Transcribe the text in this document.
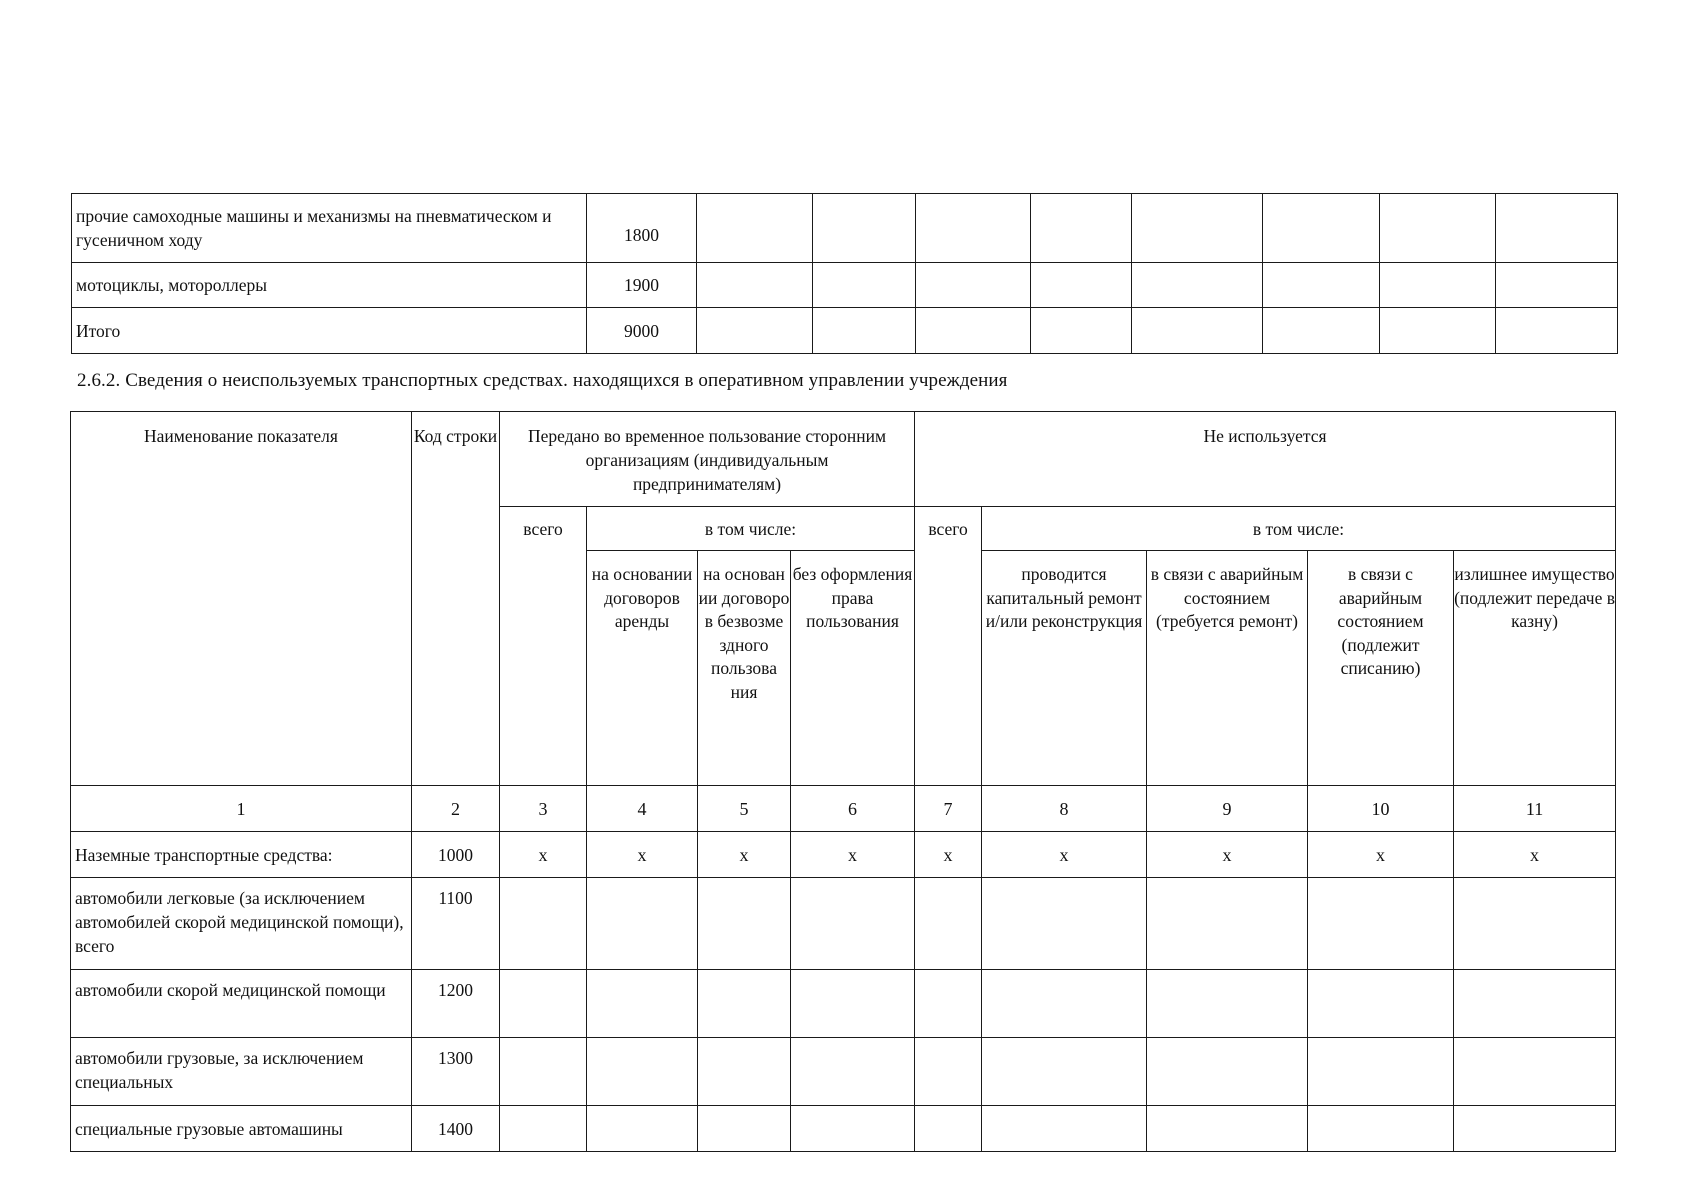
прочие самоходные машины и механизмы на пневматическом и гусеничном ходу	1800								
мотоциклы, мотороллеры	1900								
Итого	9000								
2.6.2. Сведения о неиспользуемых транспортных средствах. находящихся в оперативном управлении учреждения
Наименование показателя	Код строки	Передано во временное пользование сторонним организациям (индивидуальным предпринимателям)				Не используется				
		всего	в том числе:			всего	в том числе:			
			на основании договоров аренды	на основан ии договоро в безвозме здного пользова ния	без оформления права пользования		проводится капитальный ремонт и/или реконструкция	в связи с аварийным состоянием (требуется ремонт)	в связи с аварийным состоянием (подлежит списанию)	излишнее имущество (подлежит передаче в казну)
1	2	3	4	5	6	7	8	9	10	11
Наземные транспортные средства:	1000	x	x	x	x	x	x	x	x	x
автомобили легковые (за исключением автомобилей скорой медицинской помощи), всего	1100									
автомобили скорой медицинской помощи	1200									
автомобили грузовые, за исключением специальных	1300									
специальные грузовые автомашины	1400									
